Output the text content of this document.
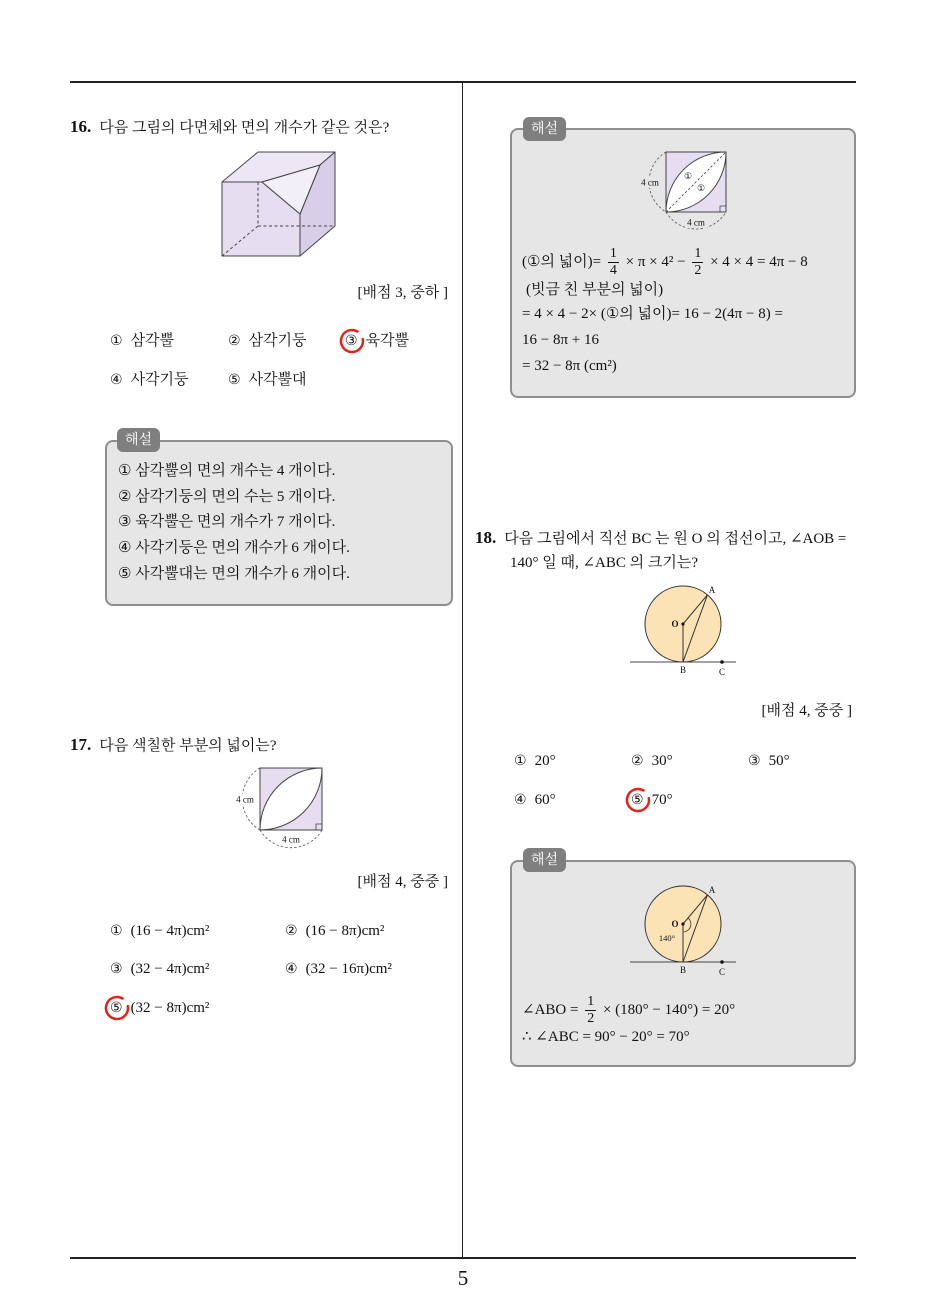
5
16. 다음 그림의 다면체와 면의 개수가 같은 것은?
[배점 3, 중하 ]
① 삼각뿔	② 삼각기둥	③ 육각뿔
④ 사각기둥	⑤ 사각뿔대
해설
① 삼각뿔의 면의 개수는 4 개이다.
② 삼각기둥의 면의 수는 5 개이다.
③ 육각뿔은 면의 개수가 7 개이다.
④ 사각기둥은 면의 개수가 6 개이다.
⑤ 사각뿔대는 면의 개수가 6 개이다.
17. 다음 색칠한 부분의 넓이는?
4 cm
4 cm
[배점 4, 중중 ]
① (16 − 4π)cm²	② (16 − 8π)cm²
③ (32 − 4π)cm²	④ (32 − 16π)cm²
⑤ (32 − 8π)cm²
해설
①
①
4 cm
4 cm
(①의 넓이)= $\frac{1}{4} \times \pi \times 4^2 - \frac{1}{2} \times 4 \times 4 = 4\pi - 8$
(빗금 친 부분의 넓이)
= 4 × 4 − 2× (①의 넓이)= 16 − 2(4π − 8) =
16 − 8π + 16
= 32 − 8π (cm²)
18. 다음 그림에서 직선 BC 는 원 O 의 접선이고, ∠AOB =
140° 일 때, ∠ABC 의 크기는?
A
O
B	C
[배점 4, 중중 ]
① 20°	② 30°	③ 50°
④ 60°	⑤ 70°
해설
A
O
140°
B	C
∠ABO = $\frac{1}{2} \times (180^\circ - 140^\circ) = 20^\circ$
∴ ∠ABC = 90° − 20° = 70°
